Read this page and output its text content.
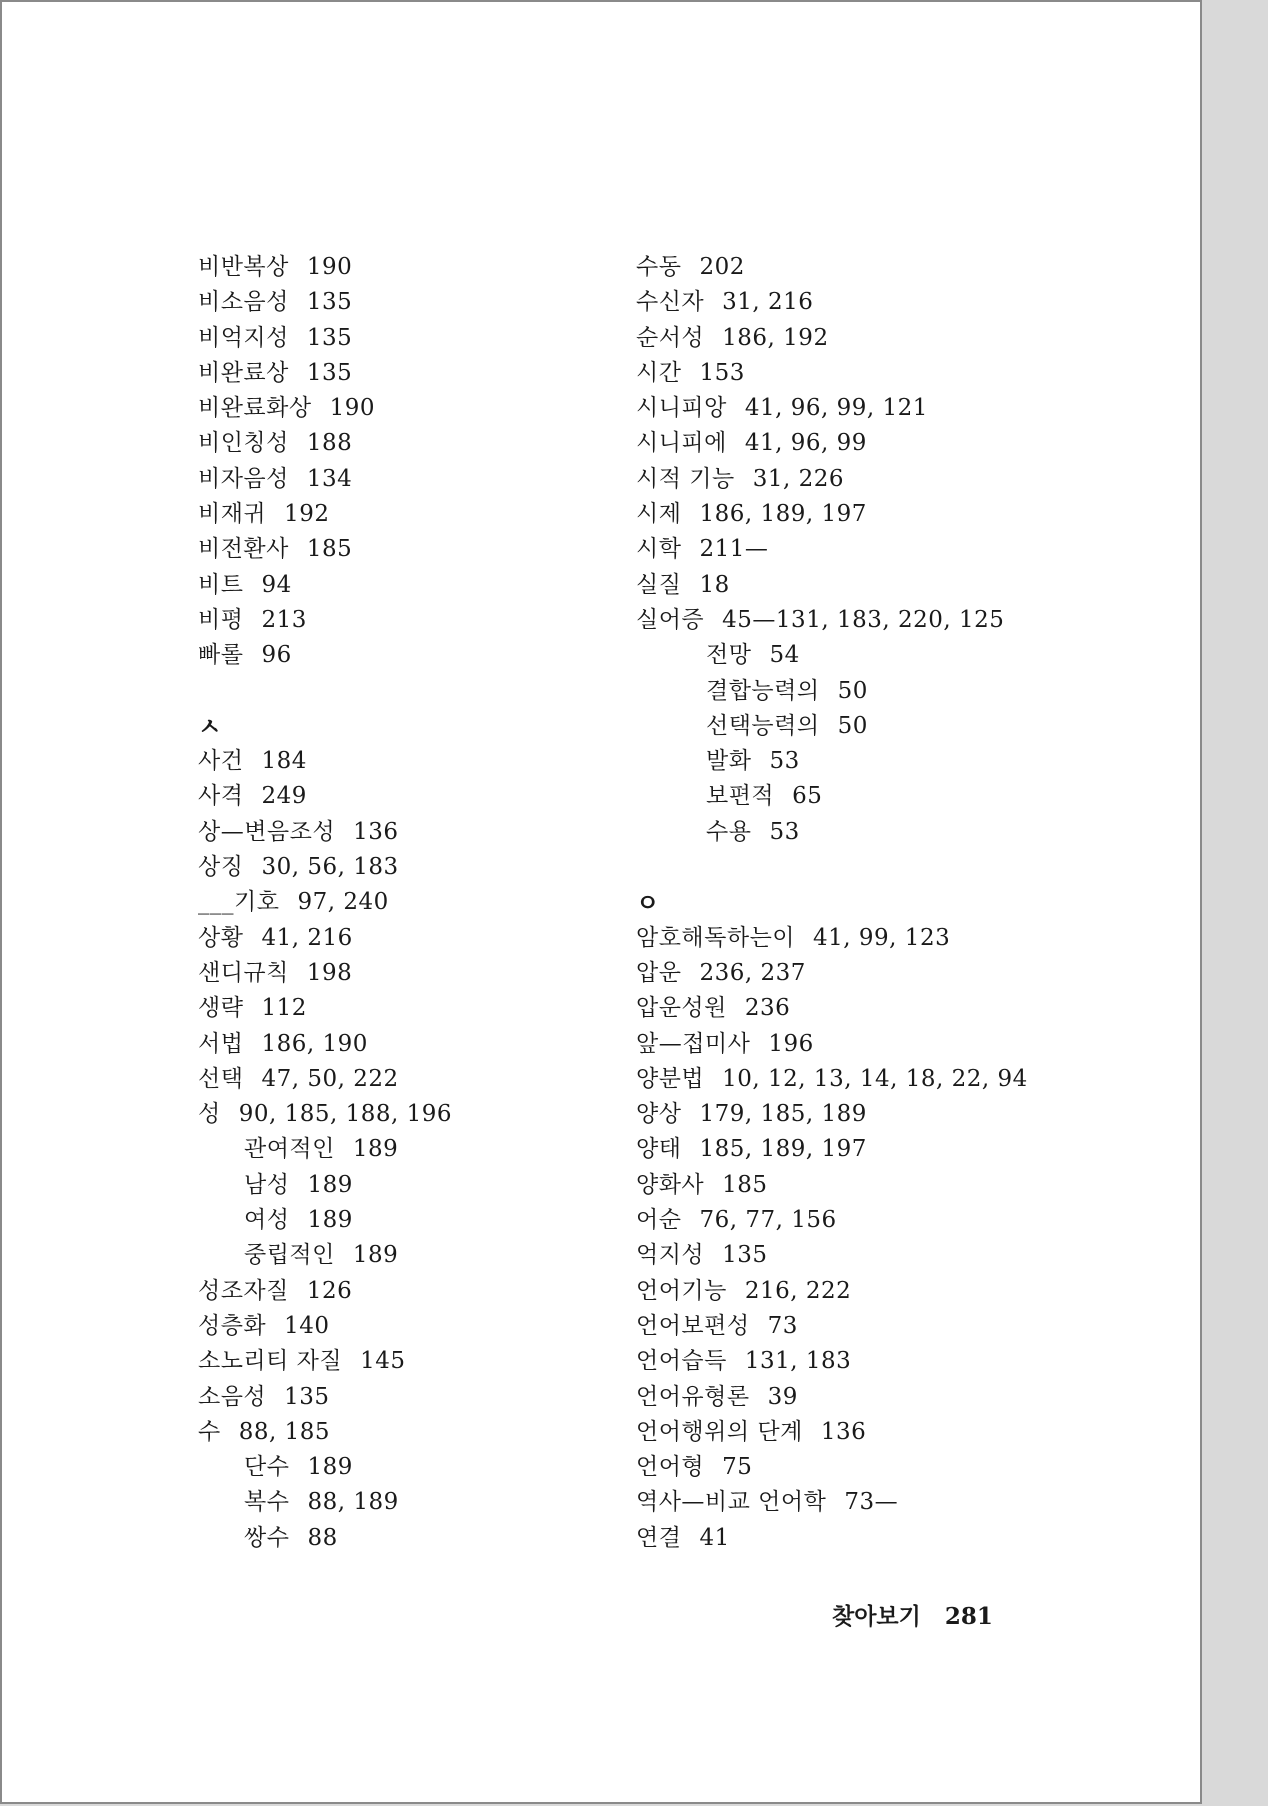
비반복상 190
비소음성 135
비억지성 135
비완료상 135
비완료화상 190
비인칭성 188
비자음성 134
비재귀 192
비전환사 185
비트 94
비평 213
빠롤 96
ㅅ
사건 184
사격 249
상—변음조성 136
상징 30, 56, 183
___기호 97, 240
상황 41, 216
샌디규칙 198
생략 112
서법 186, 190
선택 47, 50, 222
성 90, 185, 188, 196
관여적인 189
남성 189
여성 189
중립적인 189
성조자질 126
성층화 140
소노리티 자질 145
소음성 135
수 88, 185
단수 189
복수 88, 189
쌍수 88
수동 202
수신자 31, 216
순서성 186, 192
시간 153
시니피앙 41, 96, 99, 121
시니피에 41, 96, 99
시적 기능 31, 226
시제 186, 189, 197
시학 211—
실질 18
실어증 45—131, 183, 220, 125
전망 54
결합능력의 50
선택능력의 50
발화 53
보편적 65
수용 53
ㅇ
암호해독하는이 41, 99, 123
압운 236, 237
압운성원 236
앞—접미사 196
양분법 10, 12, 13, 14, 18, 22, 94
양상 179, 185, 189
양태 185, 189, 197
양화사 185
어순 76, 77, 156
억지성 135
언어기능 216, 222
언어보편성 73
언어습득 131, 183
언어유형론 39
언어행위의 단계 136
언어형 75
역사—비교 언어학 73—
연결 41
찾아보기 281
